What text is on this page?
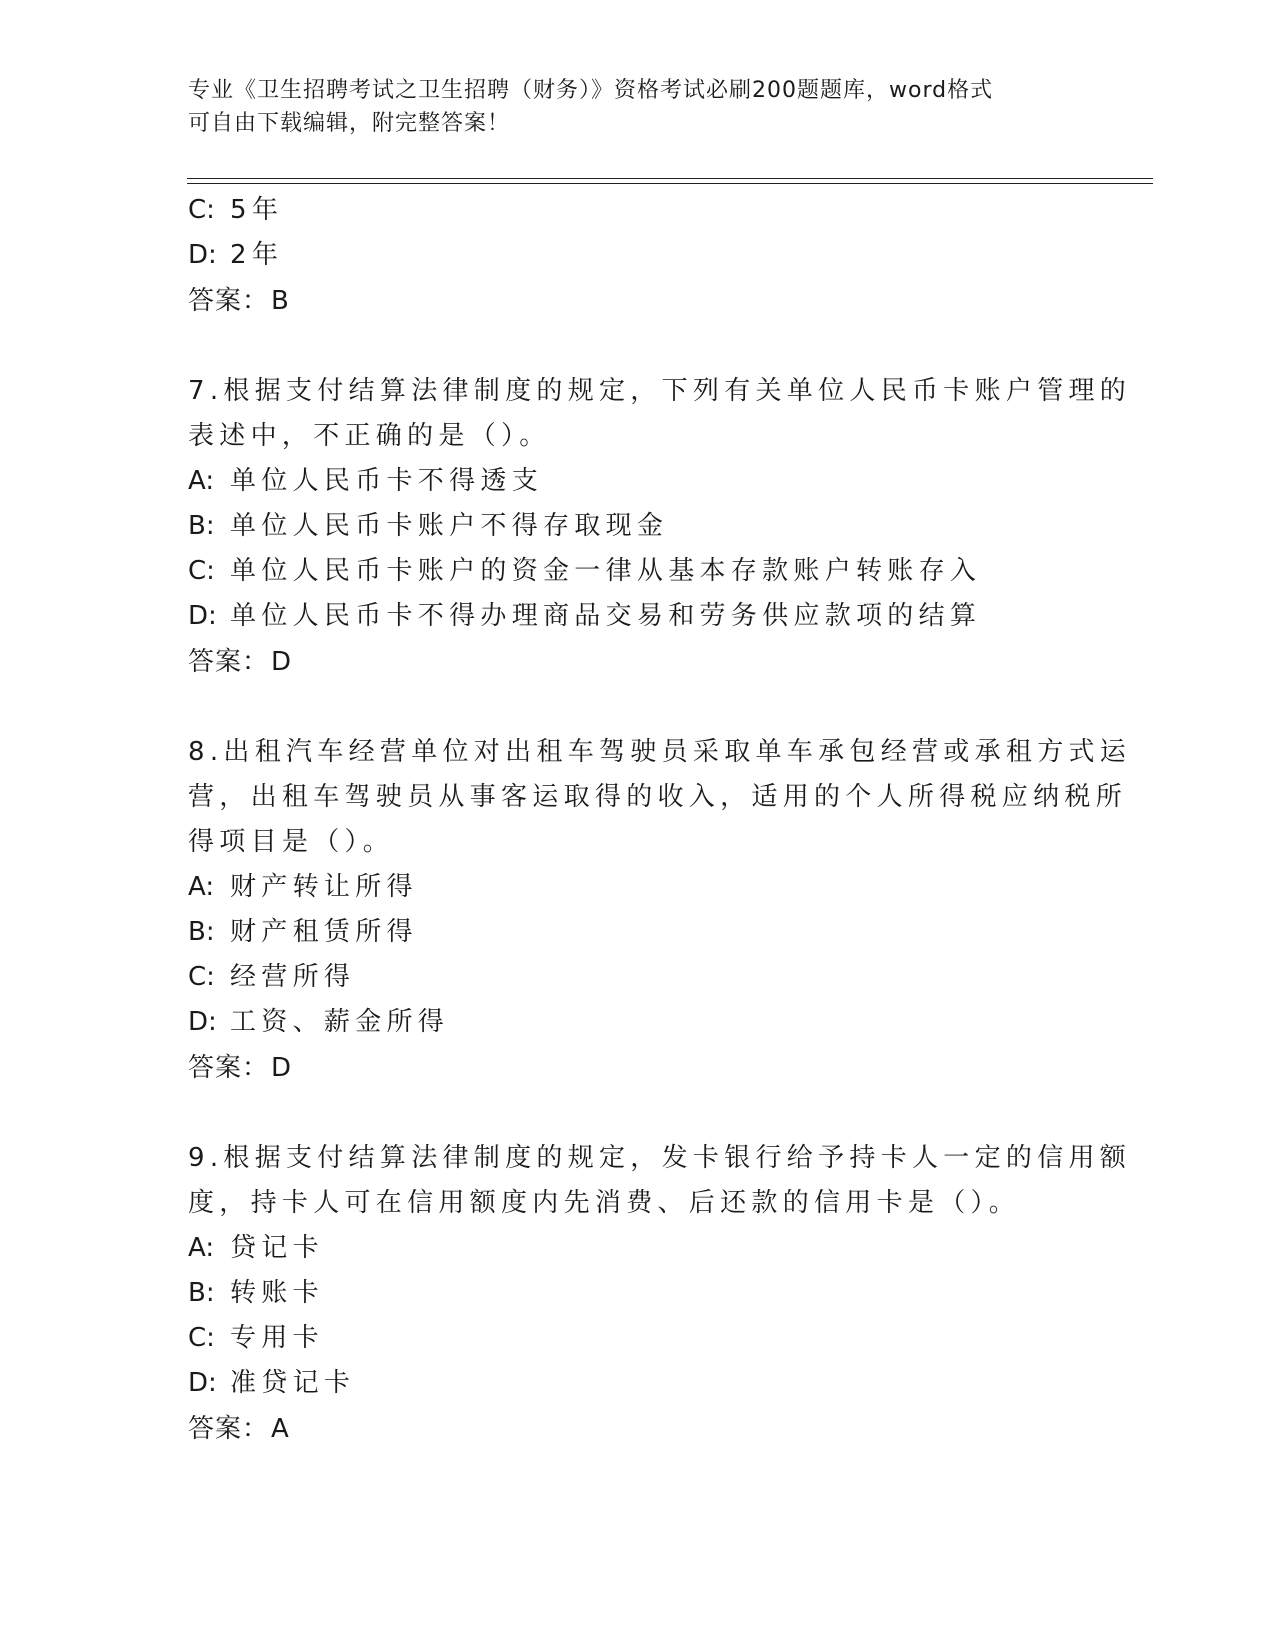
专业《卫生招聘考试之卫生招聘（财务）》资格考试必刷200题题库，word格式
可自由下载编辑，附完整答案！
C: 5年
D: 2年
答案：B
7.根据支付结算法律制度的规定，下列有关单位人民币卡账户管理的
表述中，不正确的是（）。
A: 单位人民币卡不得透支
B: 单位人民币卡账户不得存取现金
C: 单位人民币卡账户的资金一律从基本存款账户转账存入
D: 单位人民币卡不得办理商品交易和劳务供应款项的结算
答案：D
8.出租汽车经营单位对出租车驾驶员采取单车承包经营或承租方式运
营，出租车驾驶员从事客运取得的收入，适用的个人所得税应纳税所
得项目是（）。
A: 财产转让所得
B: 财产租赁所得
C: 经营所得
D: 工资、薪金所得
答案：D
9.根据支付结算法律制度的规定，发卡银行给予持卡人一定的信用额
度，持卡人可在信用额度内先消费、后还款的信用卡是（）。
A: 贷记卡
B: 转账卡
C: 专用卡
D: 准贷记卡
答案：A
